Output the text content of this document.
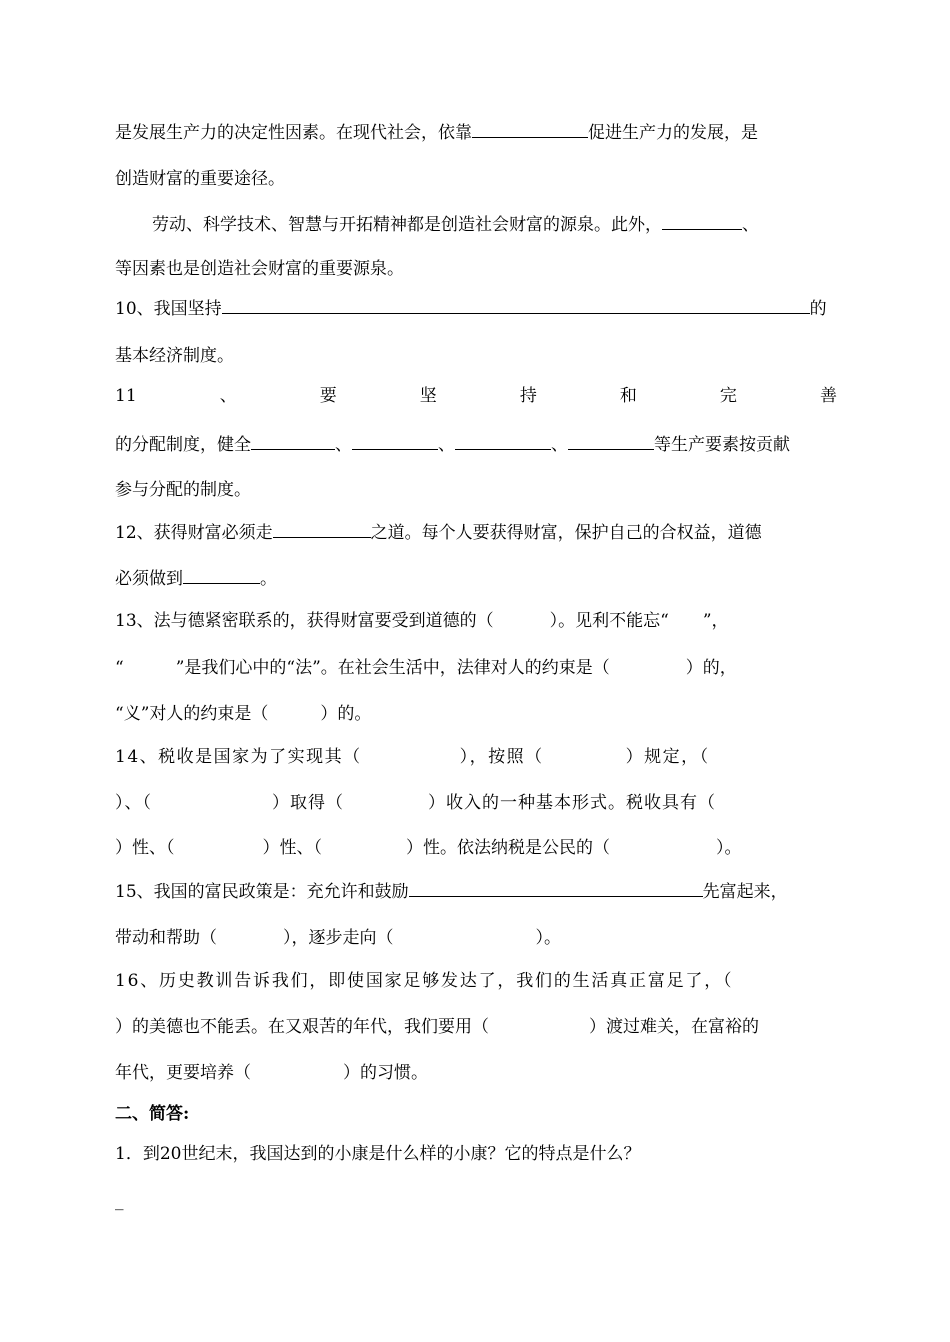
是发展生产力的决定性因素。在现代社会，依靠	促进生产力的发展，是
创造财富的重要途径。
劳动、科学技术、智慧与开拓精神都是创造社会财富的源泉。此外，	、
等因素也是创造社会财富的重要源泉。
10、我国坚持	的
基本经济制度。
11	、	要	坚	持	和	完	善
的分配制度，健全	、	、	、	等生产要素按贡献
参与分配的制度。
12、获得财富必须走	之道。每个人要获得财富，保护自己的合权益，道德
必须做到	。
13、法与德紧密联系的，获得财富要受到道德的（	）。见利不能忘“ ”，
“	”是我们心中的“法”。在社会生活中，法律对人的约束是（	）的，
“义”对人的约束是（	）的。
14、税收是国家为了实现其（	），按照（	）规定，（
）、（	）取得（	）收入的一种基本形式。税收具有（
）性、（	）性、（	）性。依法纳税是公民的（	）。
15、我国的富民政策是：充允许和鼓励	先富起来，
带动和帮助（	），逐步走向（	）。
16、历史教训告诉我们，即使国家足够发达了，我们的生活真正富足了，（
）的美德也不能丢。在又艰苦的年代，我们要用（	）渡过难关，在富裕的
年代，更要培养（	）的习惯。
二、简答:
1．到20世纪末，我国达到的小康是什么样的小康？它的特点是什么？
_
